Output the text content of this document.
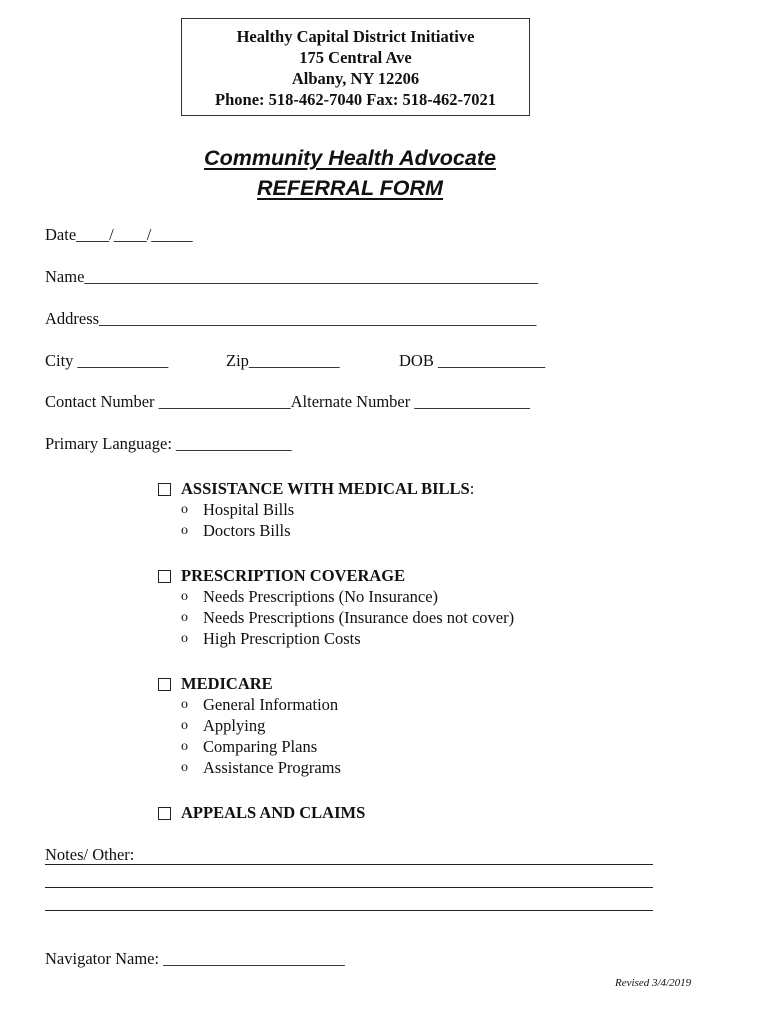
Healthy Capital District Initiative
175 Central Ave
Albany, NY 12206
Phone: 518-462-7040 Fax: 518-462-7021
Community Health Advocate
REFERRAL FORM
Date____/____/_____
Name_______________________________________________________
Address_____________________________________________________
City ___________	Zip___________	DOB _____________
Contact Number ________________Alternate Number ______________
Primary Language: ______________
ASSISTANCE WITH MEDICAL BILLS :
o Hospital Bills
o Doctors Bills
PRESCRIPTION COVERAGE
o Needs Prescriptions (No Insurance)
o Needs Prescriptions (Insurance does not cover)
o High Prescription Costs
MEDICARE
o General Information
o Applying
o Comparing Plans
o Assistance Programs
APPEALS AND CLAIMS
Notes/ Other:
Navigator Name: ______________________
Revised 3/4/2019
